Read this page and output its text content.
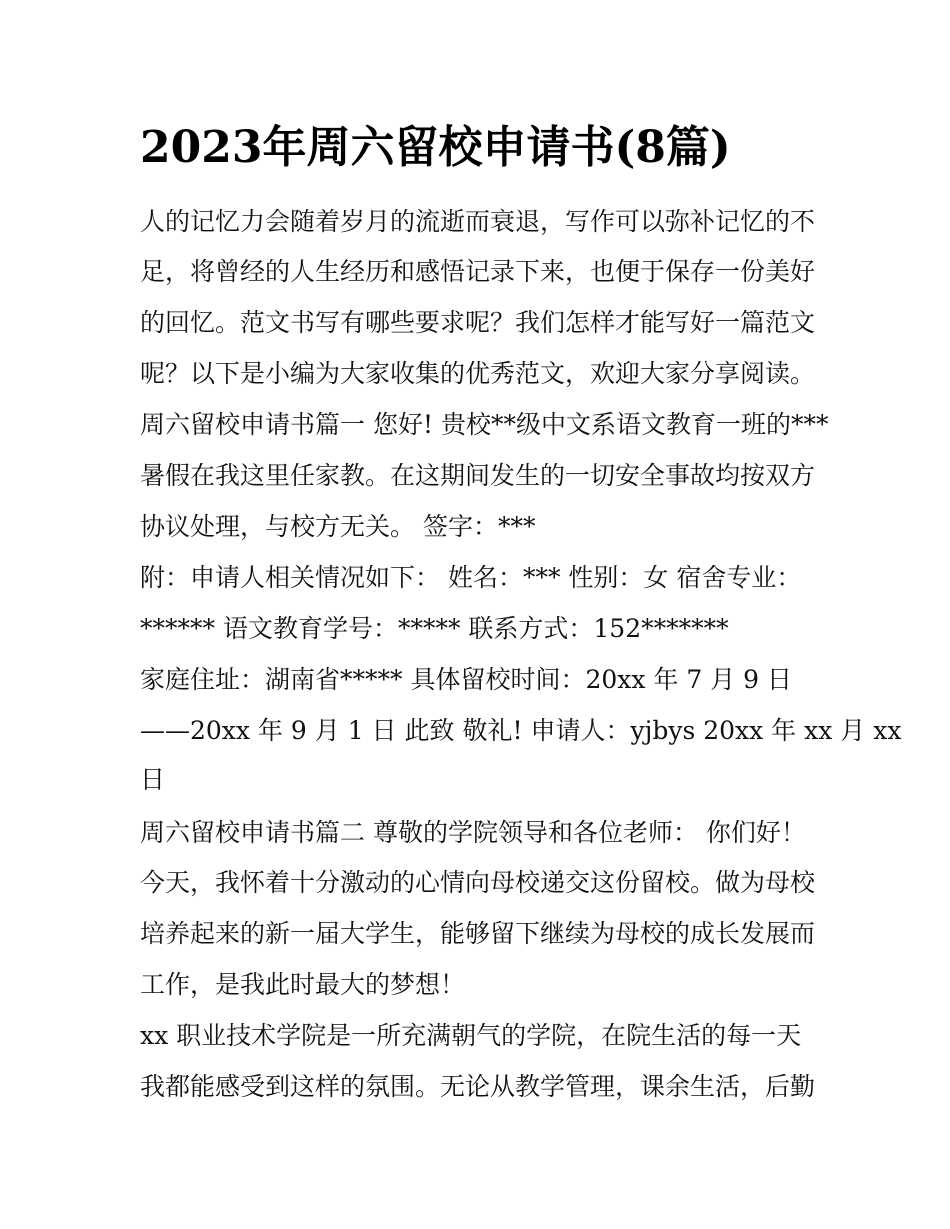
2023年周六留校申请书(8篇)
人的记忆力会随着岁月的流逝而衰退，写作可以弥补记忆的不
足，将曾经的人生经历和感悟记录下来，也便于保存一份美好
的回忆。范文书写有哪些要求呢？我们怎样才能写好一篇范文
呢？以下是小编为大家收集的优秀范文，欢迎大家分享阅读。
周六留校申请书篇一 您好! 贵校**级中文系语文教育一班的***
暑假在我这里任家教。在这期间发生的一切安全事故均按双方
协议处理，与校方无关。 签字：***
附：申请人相关情况如下： 姓名：*** 性别：女 宿舍专业：
****** 语文教育学号：***** 联系方式：152*******
家庭住址：湖南省***** 具体留校时间：20xx 年 7 月 9 日
——20xx 年 9 月 1 日 此致 敬礼! 申请人：yjbys 20xx 年 xx 月 xx
日
周六留校申请书篇二 尊敬的学院领导和各位老师： 你们好！
今天，我怀着十分激动的心情向母校递交这份留校。做为母校
培养起来的新一届大学生，能够留下继续为母校的成长发展而
工作，是我此时最大的梦想！
xx 职业技术学院是一所充满朝气的学院，在院生活的每一天
我都能感受到这样的氛围。无论从教学管理，课余生活，后勤
